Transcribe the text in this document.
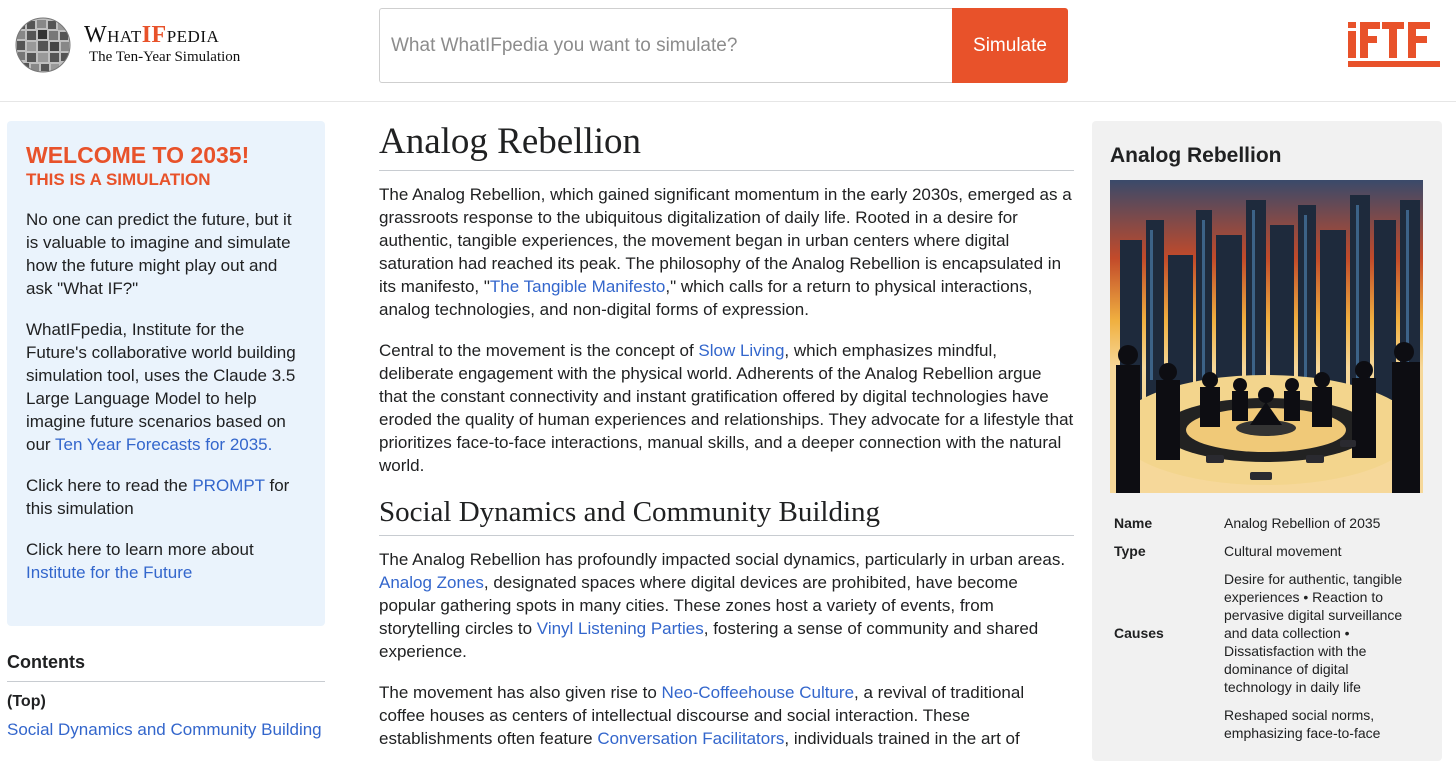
WhatIFpedia
The Ten-Year Simulation
What WhatIFpedia you want to simulate?
Simulate
WELCOME TO 2035!
THIS IS A SIMULATION

No one can predict the future, but it is valuable to imagine and simulate how the future might play out and ask "What IF?"

WhatIFpedia, Institute for the Future's collaborative world building simulation tool, uses the Claude 3.5 Large Language Model to help imagine future scenarios based on our Ten Year Forecasts for 2035.

Click here to read the PROMPT for this simulation

Click here to learn more about
Institute for the Future

Contents
(Top)
Social Dynamics and Community Building
Analog Rebellion

The Analog Rebellion, which gained significant momentum in the early 2030s, emerged as a grassroots response to the ubiquitous digitalization of daily life. Rooted in a desire for authentic, tangible experiences, the movement began in urban centers where digital saturation had reached its peak. The philosophy of the Analog Rebellion is encapsulated in its manifesto, "The Tangible Manifesto," which calls for a return to physical interactions, analog technologies, and non-digital forms of expression.

Central to the movement is the concept of Slow Living, which emphasizes mindful, deliberate engagement with the physical world. Adherents of the Analog Rebellion argue that the constant connectivity and instant gratification offered by digital technologies have eroded the quality of human experiences and relationships. They advocate for a lifestyle that prioritizes face-to-face interactions, manual skills, and a deeper connection with the natural world.

Social Dynamics and Community Building

The Analog Rebellion has profoundly impacted social dynamics, particularly in urban areas. Analog Zones, designated spaces where digital devices are prohibited, have become popular gathering spots in many cities. These zones host a variety of events, from storytelling circles to Vinyl Listening Parties, fostering a sense of community and shared experience.

The movement has also given rise to Neo-Coffeehouse Culture, a revival of traditional coffee houses as centers of intellectual discourse and social interaction. These establishments often feature Conversation Facilitators, individuals trained in the art of

Analog Rebellion
Name	Analog Rebellion of 2035
Type	Cultural movement
Causes	Desire for authentic, tangible experiences • Reaction to pervasive digital surveillance and data collection • Dissatisfaction with the dominance of digital technology in daily life
	Reshaped social norms, emphasizing face-to-face
